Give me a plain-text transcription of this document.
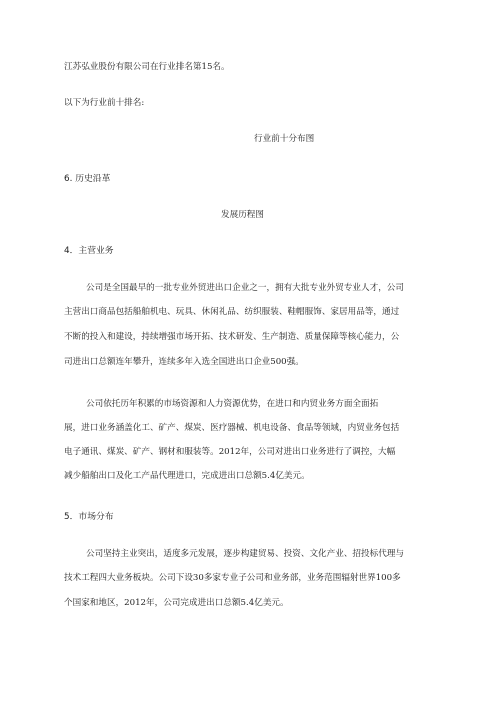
江苏弘业股份有限公司在行业排名第15名。
以下为行业前十排名:
行业前十分布图
6. 历史沿革
发展历程图
4．主营业务
公司是全国最早的一批专业外贸进出口企业之一，拥有大批专业外贸专业人才，公司
主营出口商品包括船舶机电、玩具、休闲礼品、纺织服装、鞋帽服饰、家居用品等，通过
不断的投入和建设，持续增强市场开拓、技术研发、生产制造、质量保障等核心能力，公
司进出口总额连年攀升，连续多年入选全国进出口企业500强。
公司依托历年积累的市场资源和人力资源优势，在进口和内贸业务方面全面拓
展，进口业务涵盖化工、矿产、煤炭、医疗器械、机电设备、食品等领域，内贸业务包括
电子通讯、煤炭、矿产、钢材和服装等。2012年，公司对进出口业务进行了调控，大幅
减少船舶出口及化工产品代理进口，完成进出口总额5.4亿美元。
5．市场分布
公司坚持主业突出，适度多元发展，逐步构建贸易、投资、文化产业、招投标代理与
技术工程四大业务板块。公司下设30多家专业子公司和业务部，业务范围辐射世界100多
个国家和地区，2012年，公司完成进出口总额5.4亿美元。
